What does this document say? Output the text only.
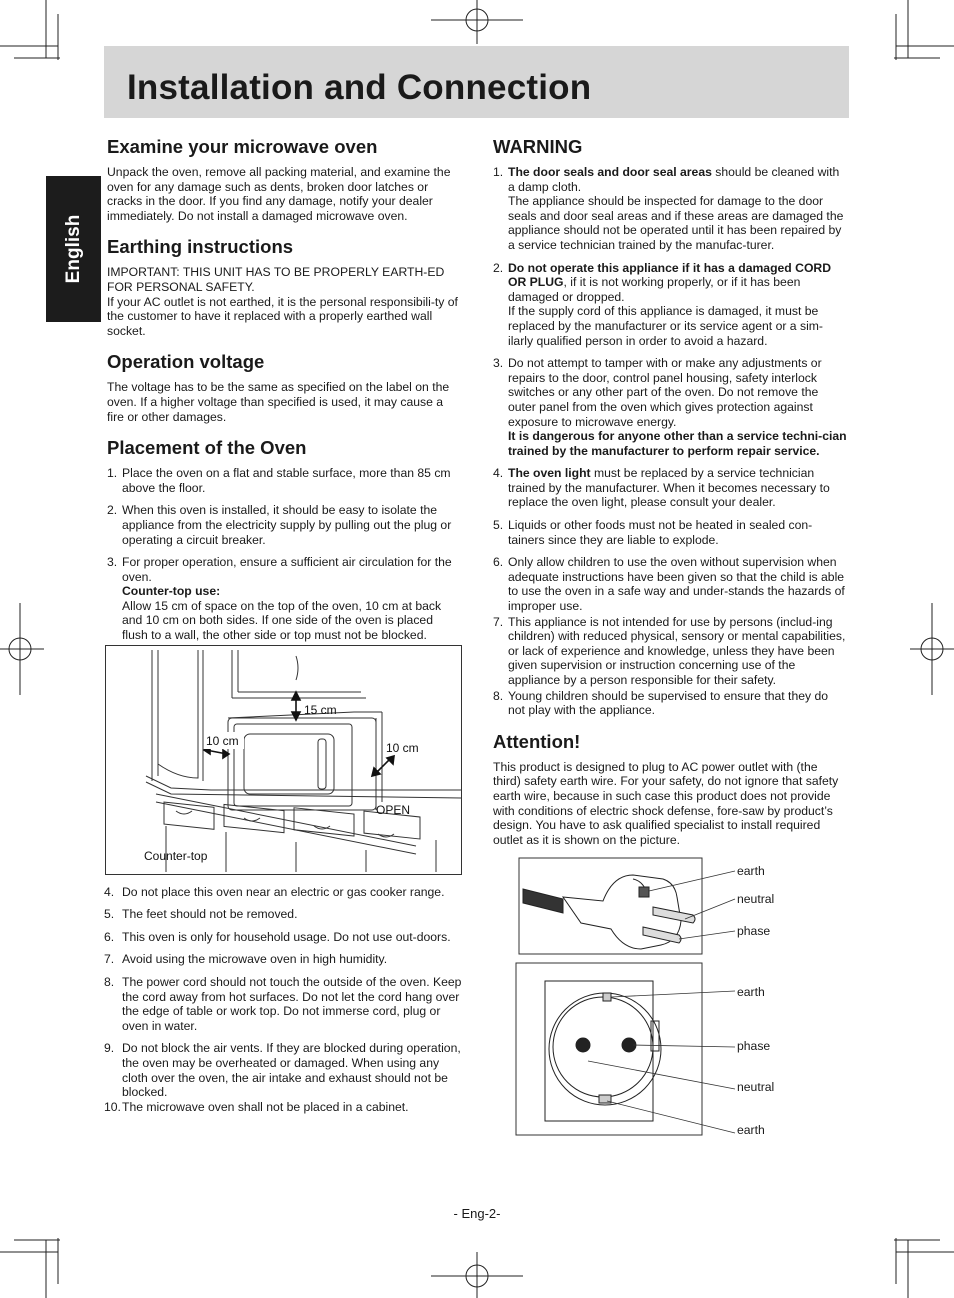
Installation and Connection
English
Examine your microwave oven

Unpack the oven, remove all packing material, and examine the oven for any damage such as dents, broken door latches or cracks in the door. If you find any damage, notify your dealer immediately. Do not install a damaged microwave oven.

Earthing instructions

IMPORTANT: THIS UNIT HAS TO BE PROPERLY EARTH-ED FOR PERSONAL SAFETY.

If your AC outlet is not earthed, it is the personal responsibili-ty of the customer to have it replaced with a properly earthed wall socket.

Operation voltage

The voltage has to be the same as specified on the label on the oven. If a higher voltage than specified is used, it may cause a fire or other damages.

Placement of the Oven
1. Place the oven on a flat and stable surface, more than 85 cm above the floor.
2. When this oven is installed, it should be easy to isolate the appliance from the electricity supply by pulling out the plug or operating a circuit breaker.
3. For proper operation, ensure a sufficient air circulation for the oven.
Counter-top use:
Allow 15 cm of space on the top of the oven, 10 cm at back and 10 cm on both sides. If one side of the oven is placed flush to a wall, the other side or top must not be blocked.
15 cm
10 cm	10 cm
OPEN
Counter-top
4. Do not place this oven near an electric or gas cooker range.
5. The feet should not be removed.
6. This oven is only for household usage. Do not use out-doors.
7. Avoid using the microwave oven in high humidity.
8. The power cord should not touch the outside of the oven. Keep the cord away from hot surfaces. Do not let the cord hang over the edge of table or work top. Do not immerse cord, plug or oven in water.
9. Do not block the air vents. If they are blocked during operation, the oven may be overheated or damaged. When using any cloth over the oven, the air intake and exhaust should not be blocked.
10. The microwave oven shall not be placed in a cabinet.
WARNING
1. The door seals and door seal areas should be cleaned with a damp cloth.
The appliance should be inspected for damage to the door seals and door seal areas and if these areas are damaged the appliance should not be operated until it has been repaired by a service technician trained by the manufac-turer.
2. Do not operate this appliance if it has a damaged CORD OR PLUG, if it is not working properly, or if it has been damaged or dropped.
If the supply cord of this appliance is damaged, it must be replaced by the manufacturer or its service agent or a sim-ilarly qualified person in order to avoid a hazard.
3. Do not attempt to tamper with or make any adjustments or repairs to the door, control panel housing, safety interlock switches or any other part of the oven. Do not remove the outer panel from the oven which gives protection against exposure to microwave energy.
It is dangerous for anyone other than a service techni-cian trained by the manufacturer to perform repair service.
4. The oven light must be replaced by a service technician trained by the manufacturer. When it becomes necessary to replace the oven light, please consult your dealer.
5. Liquids or other foods must not be heated in sealed con-tainers since they are liable to explode.
6. Only allow children to use the oven without supervision when adequate instructions have been given so that the child is able to use the oven in a safe way and under-stands the hazards of improper use.
7. This appliance is not intended for use by persons (includ-ing children) with reduced physical, sensory or mental capabilities, or lack of experience and knowledge, unless they have been given supervision or instruction concerning use of the appliance by a person responsible for their safety.
8. Young children should be supervised to ensure that they do not play with the appliance.
Attention!

This product is designed to plug to AC power outlet with (the third) safety earth wire. For your safety, do not ignore that safety earth wire, because in such case this product does not provide with conditions of electric shock defense, fore-saw by product’s design. You have to ask qualified specialist to install required outlet as it is shown on the picture.

earth
neutral
phase
earth
phase
neutral
earth
- Eng-2-
